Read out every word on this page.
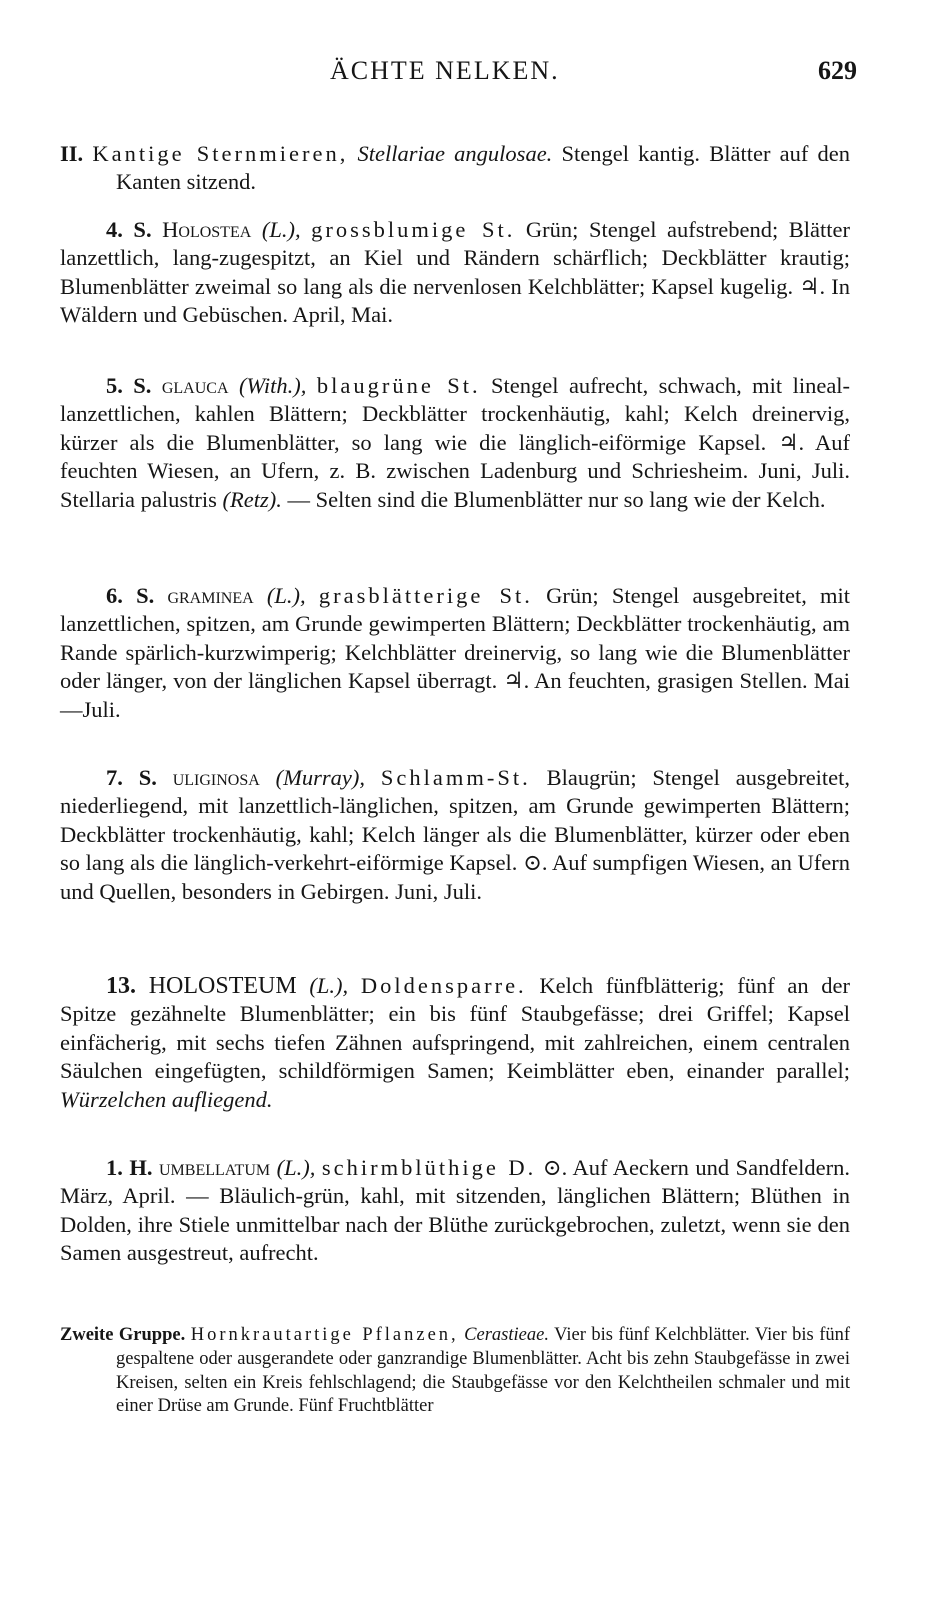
ÄCHTE NELKEN.	629
II. Kantige Sternmieren, Stellariae angulosae. Stengel kantig. Blätter auf den Kanten sitzend.
4. S. Holostea (L.), grossblumige St. Grün; Stengel aufstrebend; Blätter lanzettlich, lang-zugespitzt, an Kiel und Rändern schärflich; Deckblätter krautig; Blumenblätter zweimal so lang als die nervenlosen Kelchblätter; Kapsel kugelig. ♃. In Wäldern und Gebüschen. April, Mai.
5. S. glauca (With.), blaugrüne St. Stengel aufrecht, schwach, mit lineal-lanzettlichen, kahlen Blättern; Deckblätter trockenhäutig, kahl; Kelch dreinervig, kürzer als die Blumenblätter, so lang wie die länglich-eiförmige Kapsel. ♃. Auf feuchten Wiesen, an Ufern, z. B. zwischen Ladenburg und Schriesheim. Juni, Juli. Stellaria palustris (Retz). — Selten sind die Blumenblätter nur so lang wie der Kelch.
6. S. graminea (L.), grasblätterige St. Grün; Stengel ausgebreitet, mit lanzettlichen, spitzen, am Grunde gewimperten Blättern; Deckblätter trockenhäutig, am Rande spärlich-kurzwimperig; Kelchblätter dreinervig, so lang wie die Blumenblätter oder länger, von der länglichen Kapsel überragt. ♃. An feuchten, grasigen Stellen. Mai—Juli.
7. S. uliginosa (Murray), Schlamm-St. Blaugrün; Stengel ausgebreitet, niederliegend, mit lanzettlich-länglichen, spitzen, am Grunde gewimperten Blättern; Deckblätter trockenhäutig, kahl; Kelch länger als die Blumenblätter, kürzer oder eben so lang als die länglich-verkehrt-eiförmige Kapsel. ⊙. Auf sumpfigen Wiesen, an Ufern und Quellen, besonders in Gebirgen. Juni, Juli.
13. HOLOSTEUM (L.), Doldensparre. Kelch fünfblätterig; fünf an der Spitze gezähnelte Blumenblätter; ein bis fünf Staubgefässe; drei Griffel; Kapsel einfächerig, mit sechs tiefen Zähnen aufspringend, mit zahlreichen, einem centralen Säulchen eingefügten, schildförmigen Samen; Keimblätter eben, einander parallel; Würzelchen aufliegend.
1. H. umbellatum (L.), schirmblüthige D. ⊙. Auf Aeckern und Sandfeldern. März, April. — Bläulich-grün, kahl, mit sitzenden, länglichen Blättern; Blüthen in Dolden, ihre Stiele unmittelbar nach der Blüthe zurückgebrochen, zuletzt, wenn sie den Samen ausgestreut, aufrecht.
Zweite Gruppe. Hornkrautartige Pflanzen, Cerastieae. Vier bis fünf Kelchblätter. Vier bis fünf gespaltene oder ausgerandete oder ganzrandige Blumenblätter. Acht bis zehn Staubgefässe in zwei Kreisen, selten ein Kreis fehlschlagend; die Staubgefässe vor den Kelchtheilen schmaler und mit einer Drüse am Grunde. Fünf Fruchtblätter
